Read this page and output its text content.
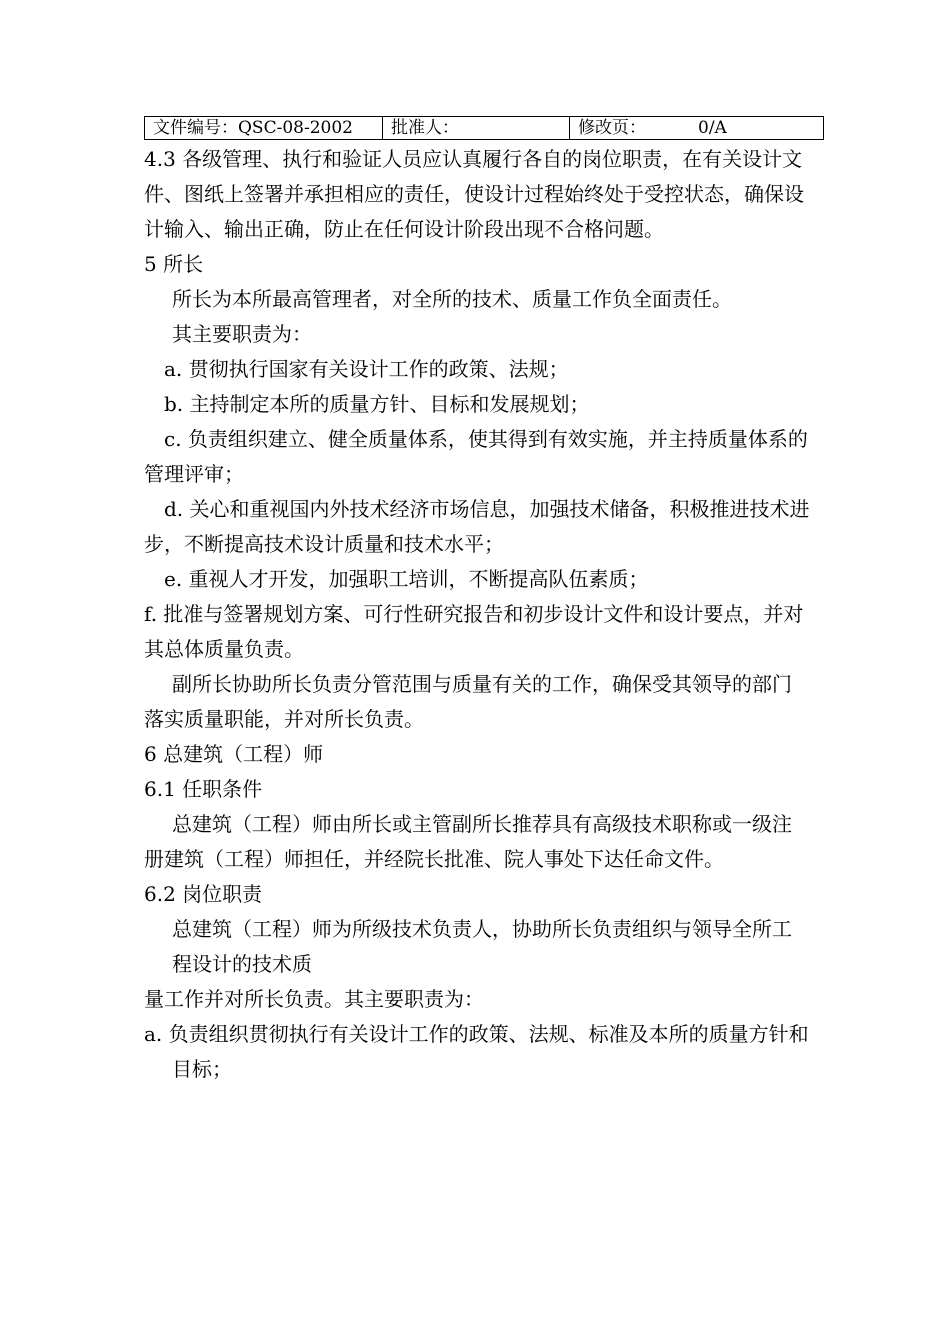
文件编号：QSC-08-2002	批准人：	修改页：	0/A

4.3 各级管理、执行和验证人员应认真履行各自的岗位职责，在有关设计文件、图纸上签署并承担相应的责任，使设计过程始终处于受控状态，确保设计输入、输出正确，防止在任何设计阶段出现不合格问题。

5 所长

所长为本所最高管理者，对全所的技术、质量工作负全面责任。

其主要职责为：

a. 贯彻执行国家有关设计工作的政策、法规；

b. 主持制定本所的质量方针、目标和发展规划；

c. 负责组织建立、健全质量体系，使其得到有效实施，并主持质量体系的管理评审；

d. 关心和重视国内外技术经济市场信息，加强技术储备，积极推进技术进步，不断提高技术设计质量和技术水平；

e. 重视人才开发，加强职工培训，不断提高队伍素质；

f. 批准与签署规划方案、可行性研究报告和初步设计文件和设计要点，并对其总体质量负责。

副所长协助所长负责分管范围与质量有关的工作，确保受其领导的部门落实质量职能，并对所长负责。

6 总建筑（工程）师

6.1 任职条件

总建筑（工程）师由所长或主管副所长推荐具有高级技术职称或一级注册建筑（工程）师担任，并经院长批准、院人事处下达任命文件。

6.2 岗位职责

总建筑（工程）师为所级技术负责人，协助所长负责组织与领导全所工程设计的技术质

量工作并对所长负责。其主要职责为：

a. 负责组织贯彻执行有关设计工作的政策、法规、标准及本所的质量方针和目标；
